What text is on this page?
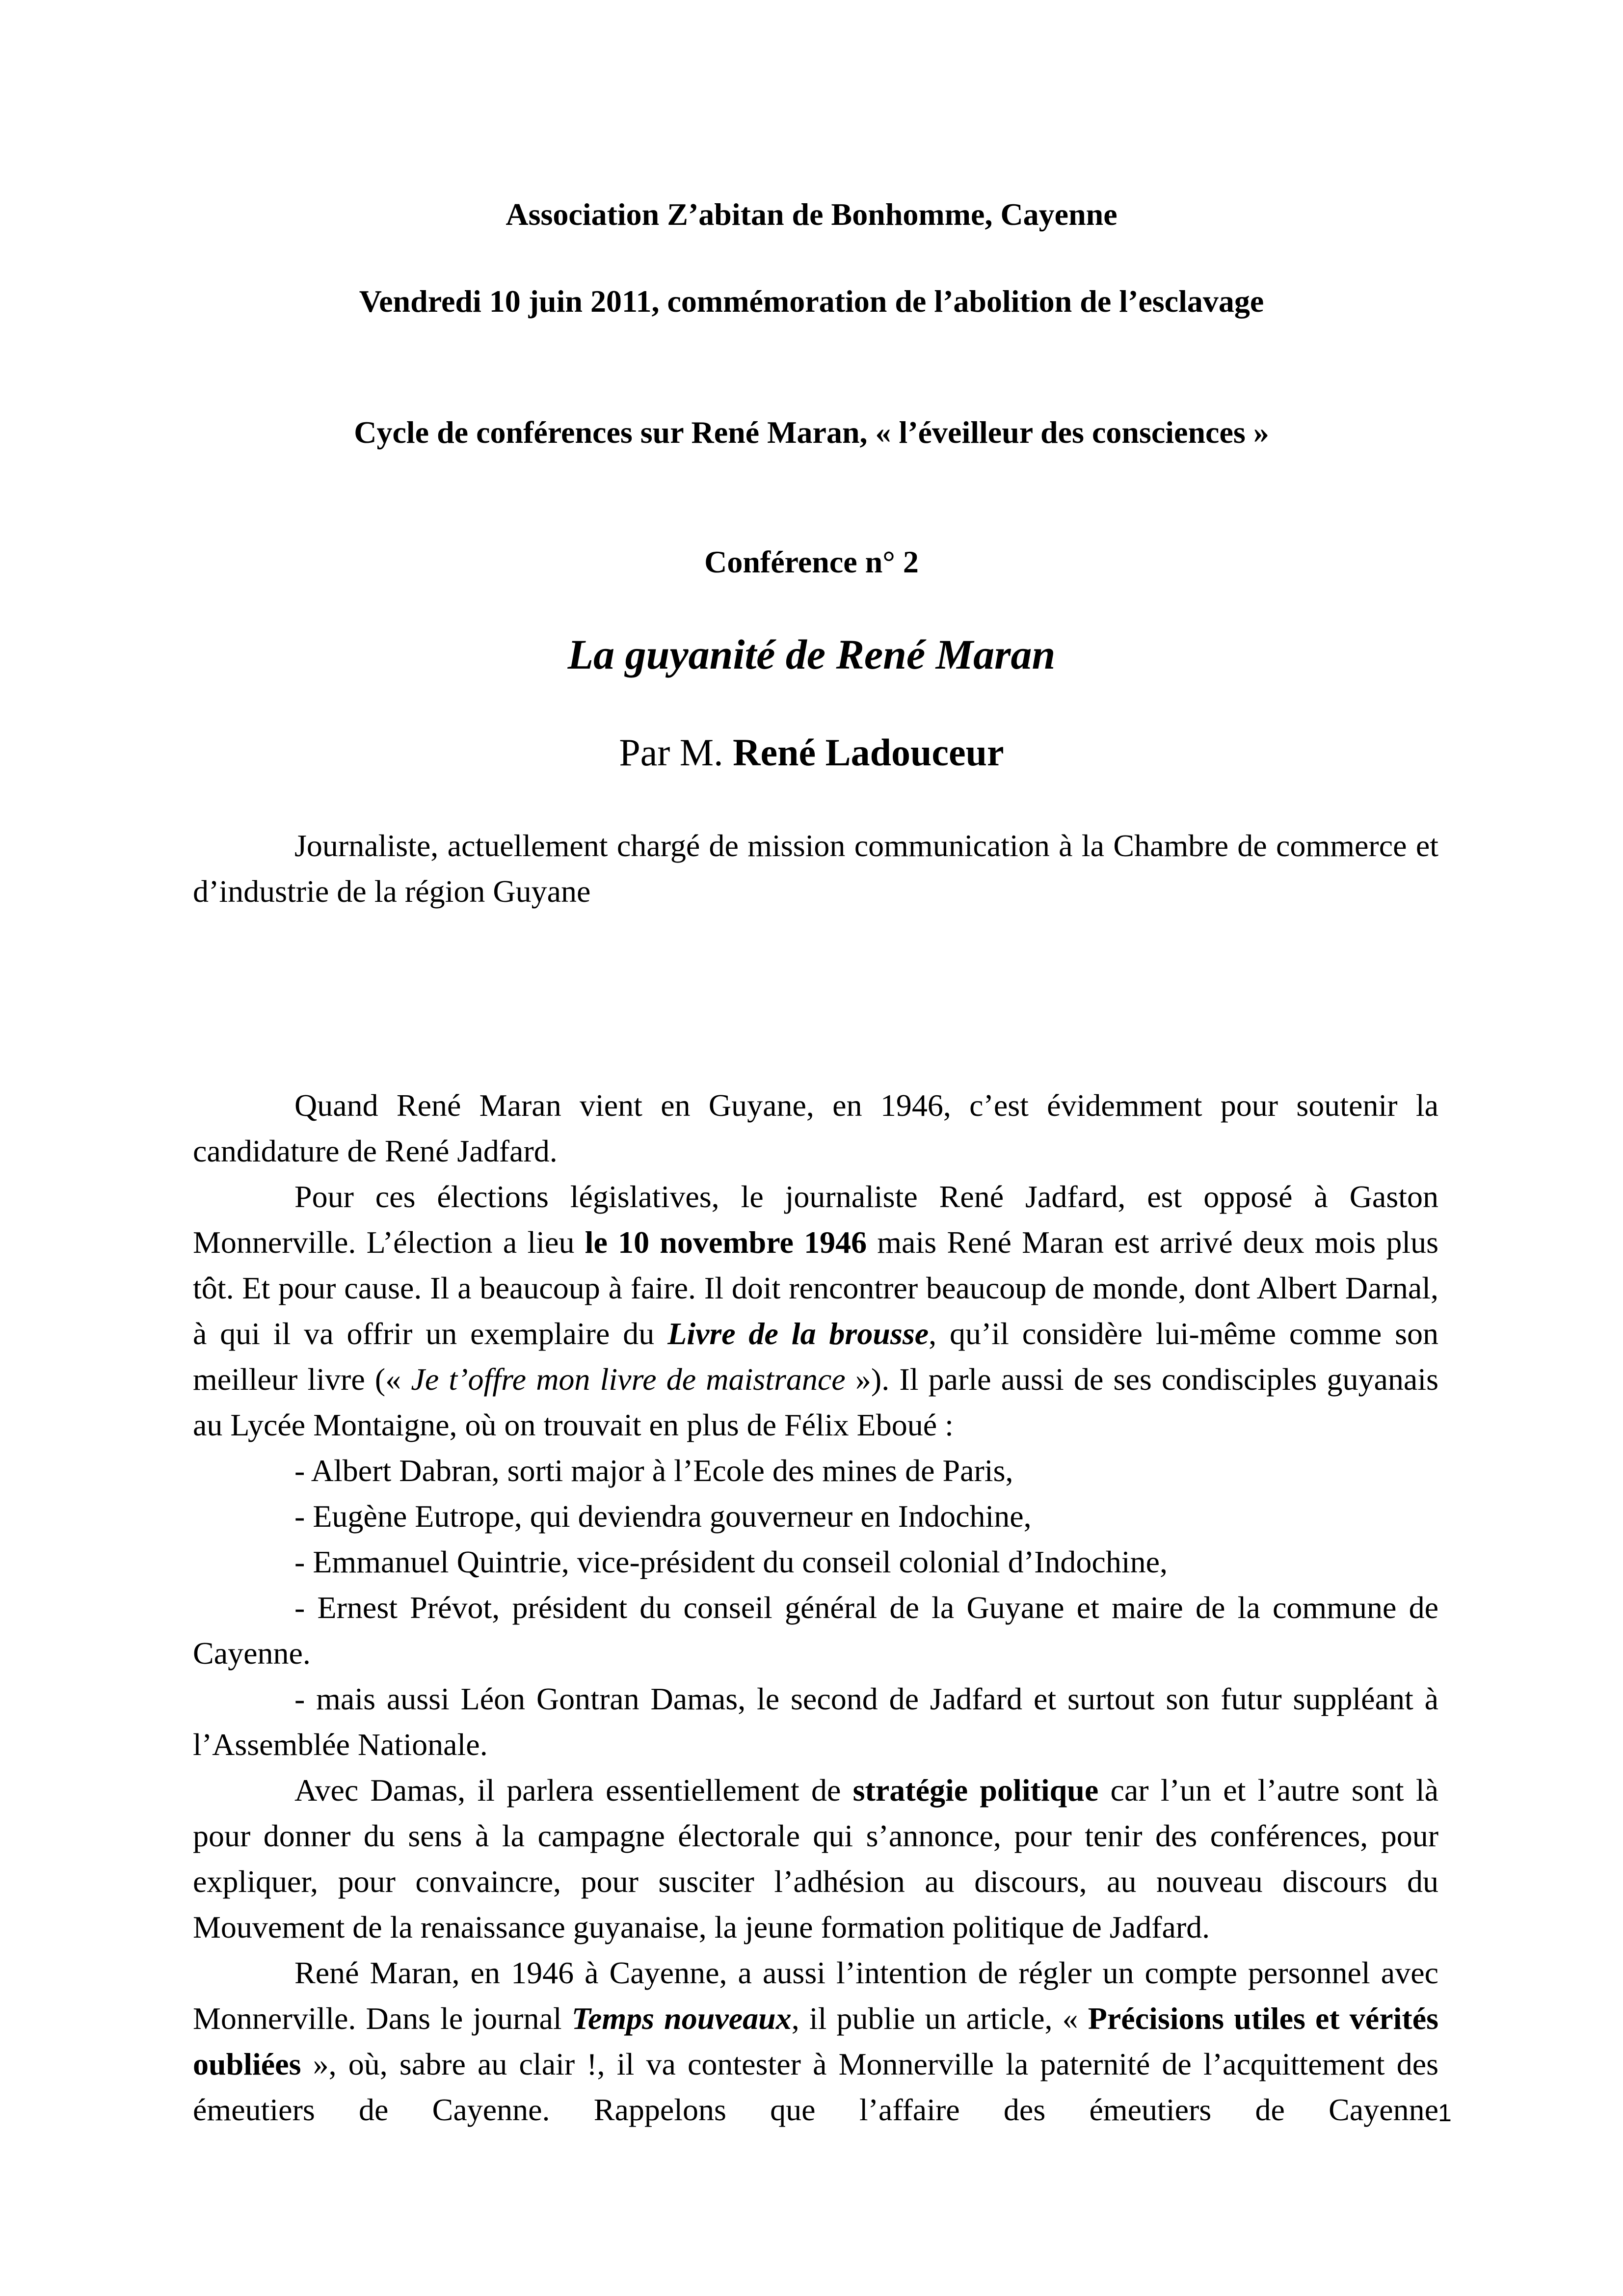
Association Z’abitan de Bonhomme, Cayenne
Vendredi 10 juin 2011, commémoration de l’abolition de l’esclavage
Cycle de conférences sur René Maran, « l’éveilleur des consciences »
Conférence n° 2
La guyanité de René Maran
Par M. René Ladouceur

Journaliste, actuellement chargé de mission communication à la Chambre de commerce et d’industrie de la région Guyane

Quand René Maran vient en Guyane, en 1946, c’est évidemment pour soutenir la candidature de René Jadfard.

Pour ces élections législatives, le journaliste René Jadfard, est opposé à Gaston Monnerville. L’élection a lieu le 10 novembre 1946 mais René Maran est arrivé deux mois plus tôt. Et pour cause. Il a beaucoup à faire. Il doit rencontrer beaucoup de monde, dont Albert Darnal, à qui il va offrir un exemplaire du Livre de la brousse, qu’il considère lui-même comme son meilleur livre (« Je t’offre mon livre de maistrance »). Il parle aussi de ses condisciples guyanais au Lycée Montaigne, où on trouvait en plus de Félix Eboué :

- Albert Dabran, sorti major à l’Ecole des mines de Paris,

- Eugène Eutrope, qui deviendra gouverneur en Indochine,

- Emmanuel Quintrie, vice-président du conseil colonial d’Indochine,

- Ernest Prévot, président du conseil général de la Guyane et maire de la commune de Cayenne.

- mais aussi Léon Gontran Damas, le second de Jadfard et surtout son futur suppléant à l’Assemblée Nationale.

Avec Damas, il parlera essentiellement de stratégie politique car l’un et l’autre sont là pour donner du sens à la campagne électorale qui s’annonce, pour tenir des conférences, pour expliquer, pour convaincre, pour susciter l’adhésion au discours, au nouveau discours du Mouvement de la renaissance guyanaise, la jeune formation politique de Jadfard.

René Maran, en 1946 à Cayenne, a aussi l’intention de régler un compte personnel avec Monnerville. Dans le journal Temps nouveaux, il publie un article, « Précisions utiles et vérités oubliées », où, sabre au clair !, il va contester à Monnerville la paternité de l’acquittement des émeutiers de Cayenne. Rappelons que l’affaire des émeutiers de Cayenne 1
